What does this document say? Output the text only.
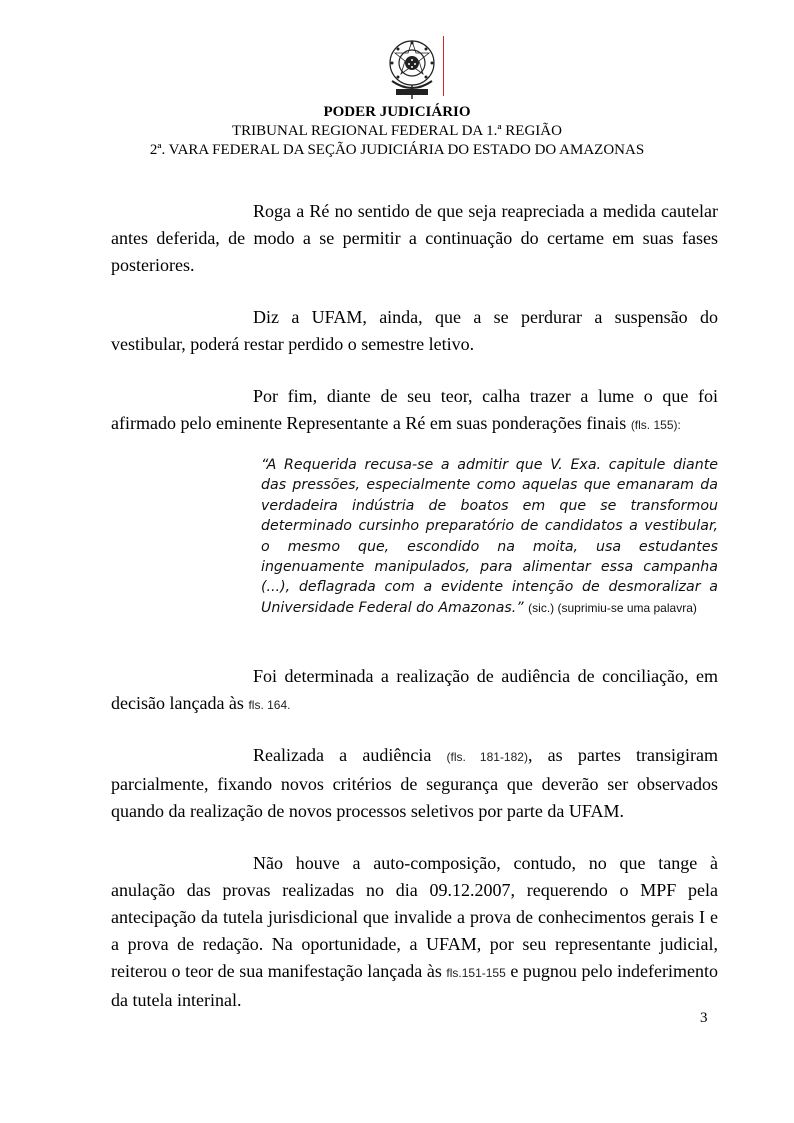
PODER JUDICIÁRIO
TRIBUNAL REGIONAL FEDERAL DA 1.ª REGIÃO
2ª. VARA FEDERAL DA SEÇÃO JUDICIÁRIA DO ESTADO DO AMAZONAS

Roga a Ré no sentido de que seja reapreciada a medida cautelar antes deferida, de modo a se permitir a continuação do certame em suas fases posteriores.

Diz a UFAM, ainda, que a se perdurar a suspensão do vestibular, poderá restar perdido o semestre letivo.

Por fim, diante de seu teor, calha trazer a lume o que foi afirmado pelo eminente Representante a Ré em suas ponderações finais (fls. 155):

“A Requerida recusa-se a admitir que V. Exa. capitule diante das pressões, especialmente como aquelas que emanaram da verdadeira indústria de boatos em que se transformou determinado cursinho preparatório de candidatos a vestibular, o mesmo que, escondido na moita, usa estudantes ingenuamente manipulados, para alimentar essa campanha (...), deflagrada com a evidente intenção de desmoralizar a Universidade Federal do Amazonas.” (sic.) (suprimiu-se uma palavra)

Foi determinada a realização de audiência de conciliação, em decisão lançada às fls. 164.

Realizada a audiência (fls. 181-182), as partes transigiram parcialmente, fixando novos critérios de segurança que deverão ser observados quando da realização de novos processos seletivos por parte da UFAM.

Não houve a auto-composição, contudo, no que tange à anulação das provas realizadas no dia 09.12.2007, requerendo o MPF pela antecipação da tutela jurisdicional que invalide a prova de conhecimentos gerais I e a prova de redação. Na oportunidade, a UFAM, por seu representante judicial, reiterou o teor de sua manifestação lançada às fls.151-155 e pugnou pelo indeferimento da tutela interinal.

3
